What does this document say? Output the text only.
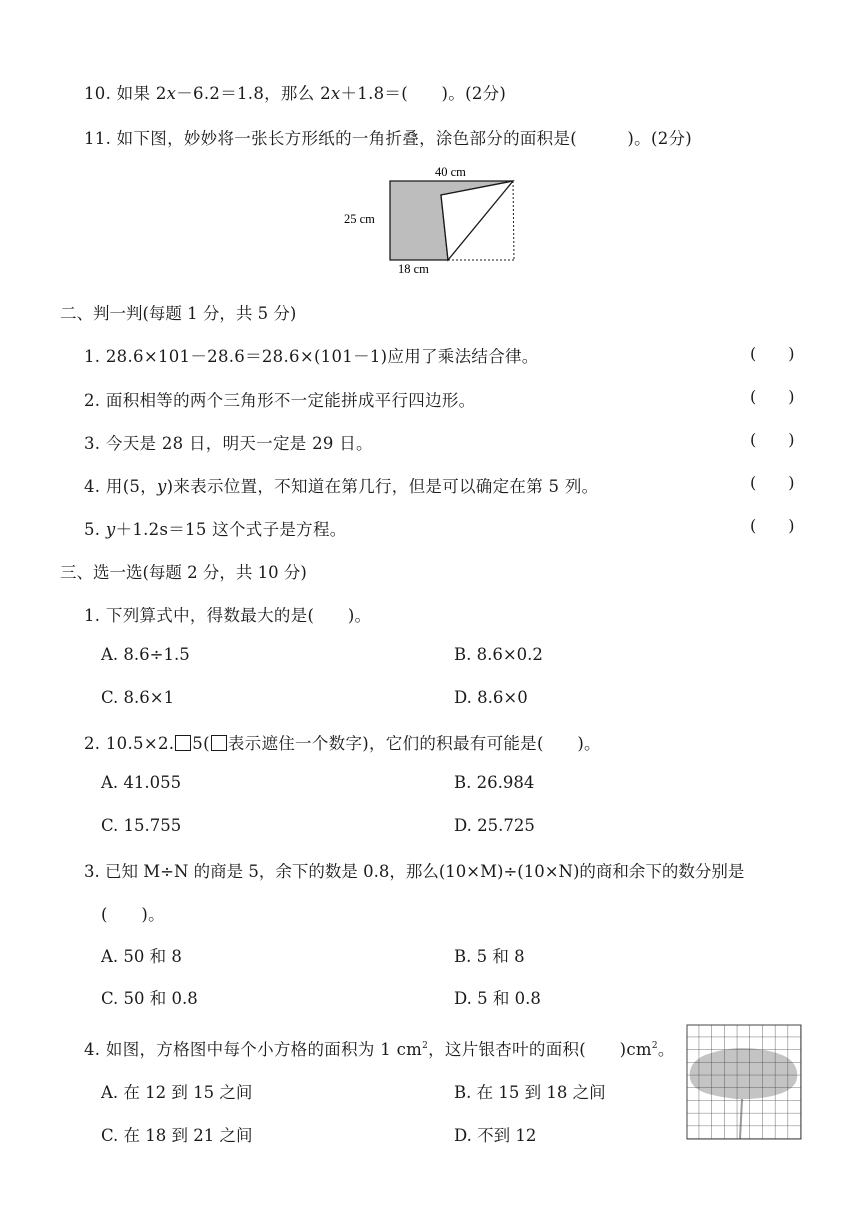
10. 如果 2x－6.2＝1.8，那么 2x＋1.8＝(　　)。(2分)
11. 如下图，妙妙将一张长方形纸的一角折叠，涂色部分的面积是(　　　)。(2分)
40 cm
25 cm
18 cm
二、判一判(每题 1 分，共 5 分)
1. 28.6×101－28.6＝28.6×(101－1)应用了乘法结合律。	(　　)
2. 面积相等的两个三角形不一定能拼成平行四边形。	(　　)
3. 今天是 28 日，明天一定是 29 日。	(　　)
4. 用(5，y)来表示位置，不知道在第几行，但是可以确定在第 5 列。	(　　)
5. y＋1.2s＝15 这个式子是方程。	(　　)
三、选一选(每题 2 分，共 10 分)
1. 下列算式中，得数最大的是(　　)。
A. 8.6÷1.5	B. 8.6×0.2
C. 8.6×1	D. 8.6×0
2. 10.5×2. 5( 表示遮住一个数字)，它们的积最有可能是(　　)。
A. 41.055	B. 26.984
C. 15.755	D. 25.725
3. 已知 M÷N 的商是 5，余下的数是 0.8，那么(10×M)÷(10×N)的商和余下的数分别是
(　　)。
A. 50 和 8	B. 5 和 8
C. 50 和 0.8	D. 5 和 0.8
4. 如图，方格图中每个小方格的面积为 1 $cm^2$，这片银杏叶的面积(　　)$cm^2$。
A. 在 12 到 15 之间	B. 在 15 到 18 之间
C. 在 18 到 21 之间	D. 不到 12
